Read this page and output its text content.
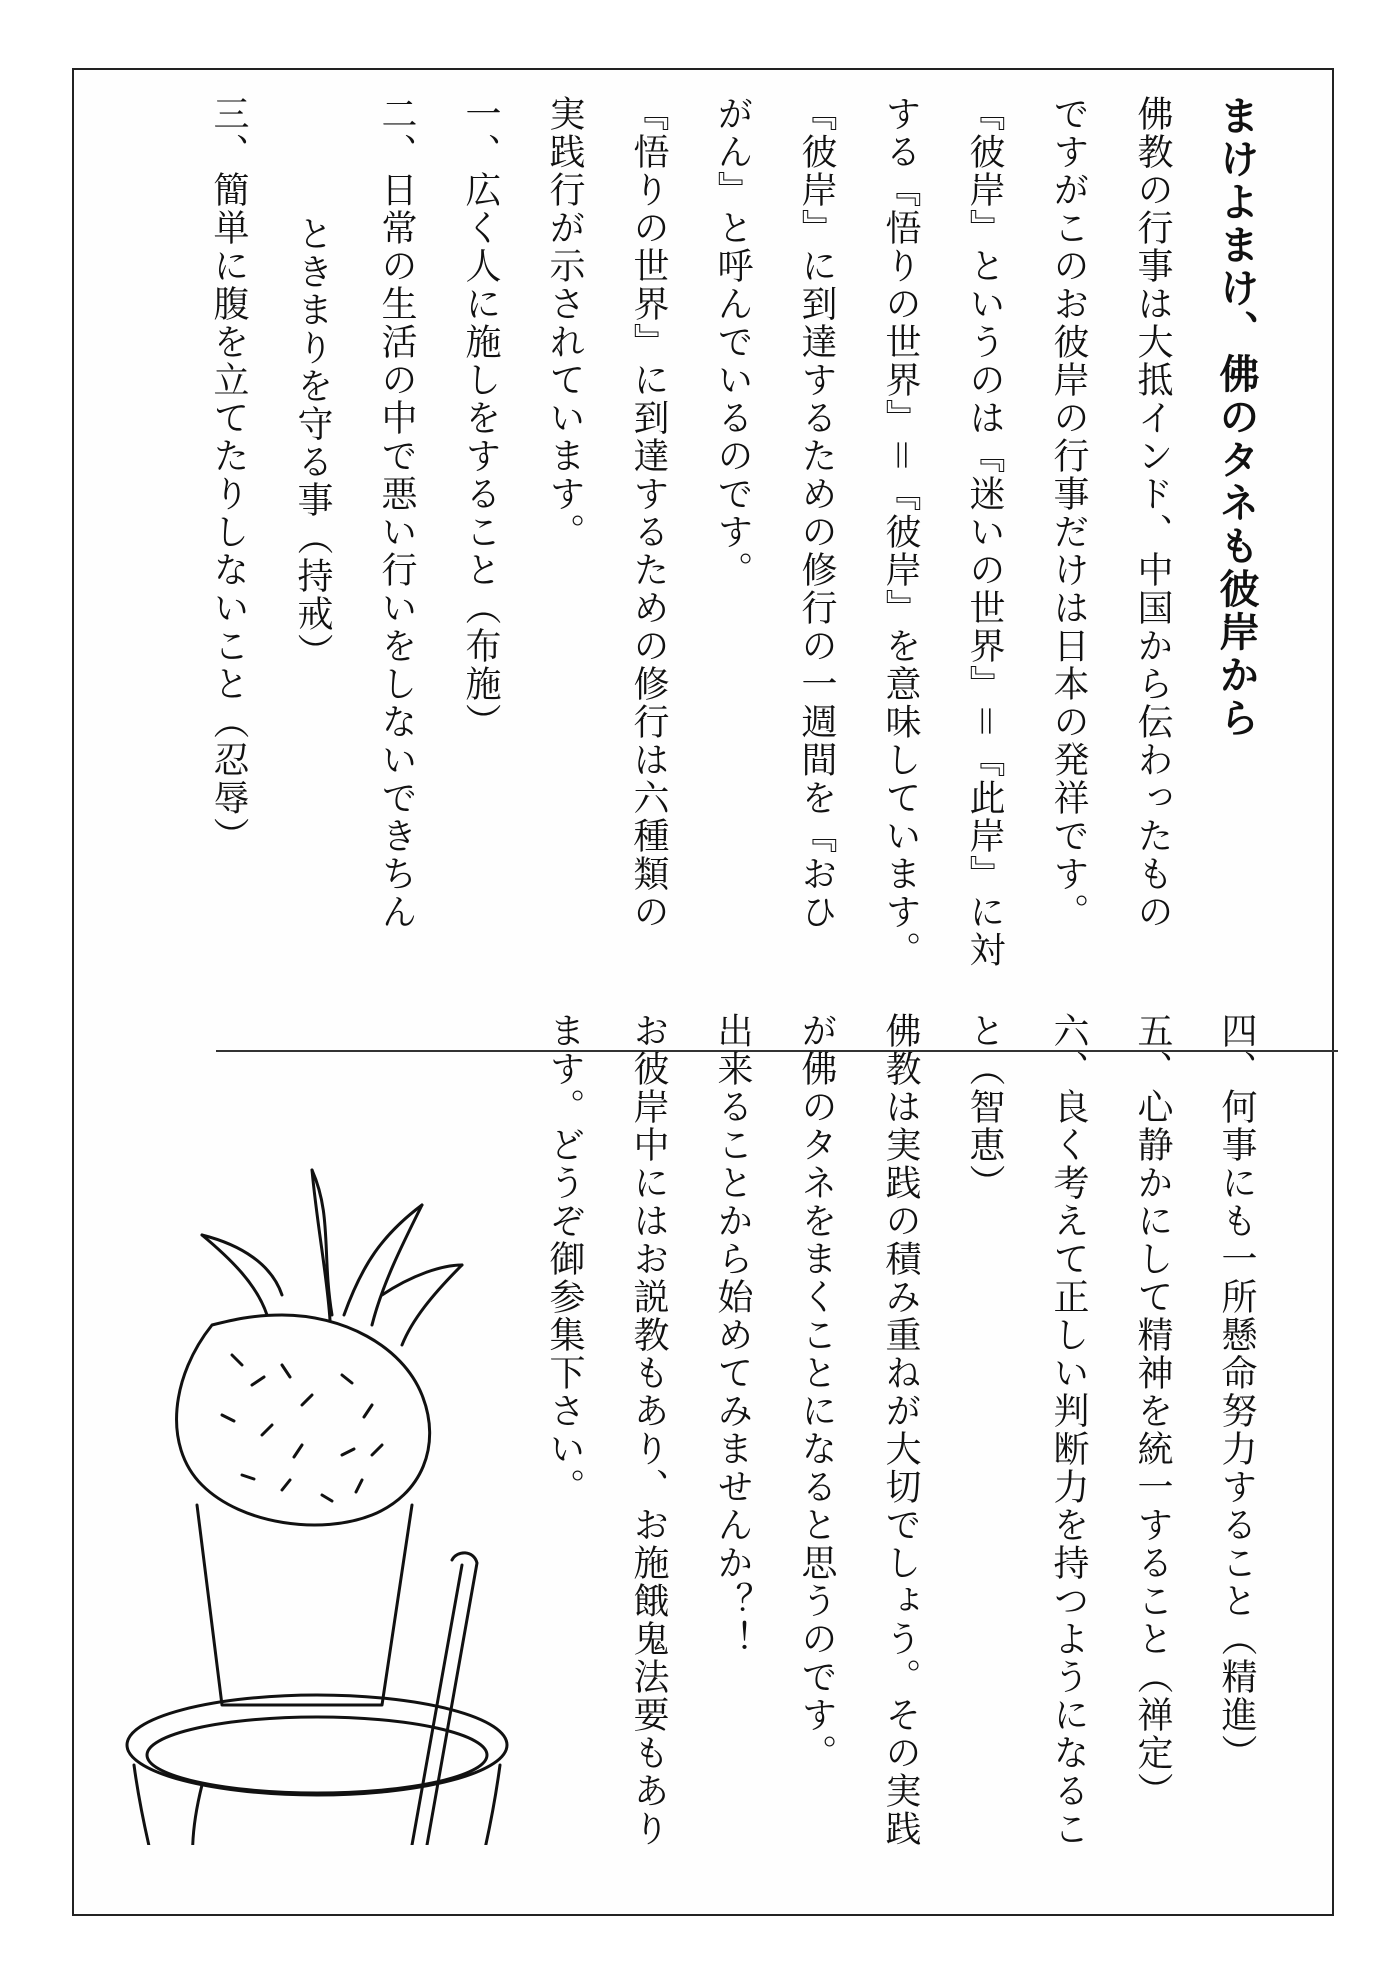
まけよまけ、佛のタネも彼岸から
佛教の行事は大抵インド、中国から伝わったもの
ですがこのお彼岸の行事だけは日本の発祥です。
『彼岸』というのは『迷いの世界』＝『此岸』に対
する『悟りの世界』＝『彼岸』を意味しています。
『彼岸』に到達するための修行の一週間を『おひ
がん』と呼んでいるのです。
『悟りの世界』に到達するための修行は六種類の
実践行が示されています。
一、広く人に施しをすること（布施）
二、日常の生活の中で悪い行いをしないできちん
ときまりを守る事（持戒）
三、簡単に腹を立てたりしないこと（忍辱）
四、何事にも一所懸命努力すること（精進）
五、心静かにして精神を統一すること（禅定）
六、良く考えて正しい判断力を持つようになるこ
と（智恵）
佛教は実践の積み重ねが大切でしょう。その実践
が佛のタネをまくことになると思うのです。
出来ることから始めてみませんか？！
お彼岸中にはお説教もあり、お施餓鬼法要もあり
ます。どうぞ御参集下さい。
